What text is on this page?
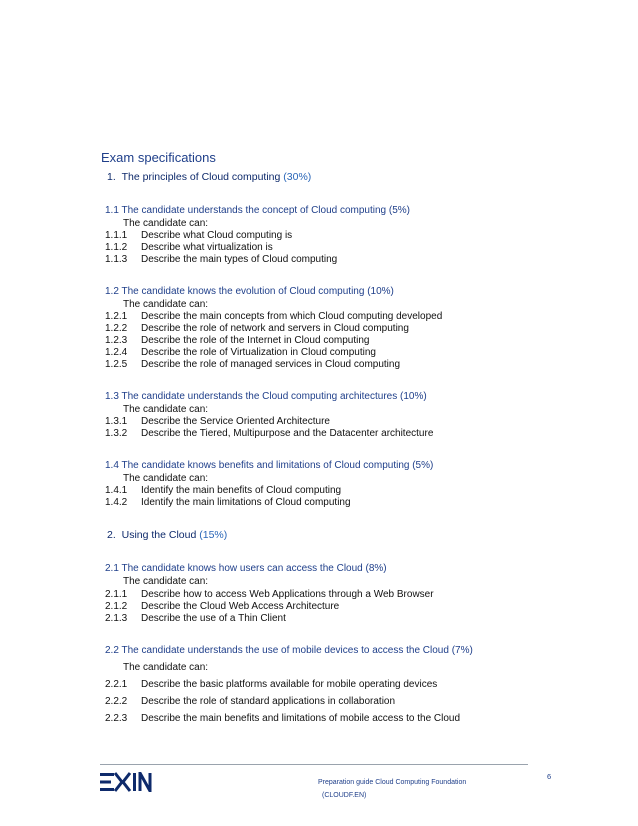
Exam specifications
1. The principles of Cloud computing (30%)
1.1 The candidate understands the concept of Cloud computing (5%)
The candidate can:
1.1.1 Describe what Cloud computing is
1.1.2 Describe what virtualization is
1.1.3 Describe the main types of Cloud computing
1.2 The candidate knows the evolution of Cloud computing (10%)
The candidate can:
1.2.1 Describe the main concepts from which Cloud computing developed
1.2.2 Describe the role of network and servers in Cloud computing
1.2.3 Describe the role of the Internet in Cloud computing
1.2.4 Describe the role of Virtualization in Cloud computing
1.2.5 Describe the role of managed services in Cloud computing
1.3 The candidate understands the Cloud computing architectures (10%)
The candidate can:
1.3.1 Describe the Service Oriented Architecture
1.3.2 Describe the Tiered, Multipurpose and the Datacenter architecture
1.4 The candidate knows benefits and limitations of Cloud computing (5%)
The candidate can:
1.4.1 Identify the main benefits of Cloud computing
1.4.2 Identify the main limitations of Cloud computing
2. Using the Cloud (15%)
2.1 The candidate knows how users can access the Cloud (8%)
The candidate can:
2.1.1 Describe how to access Web Applications through a Web Browser
2.1.2 Describe the Cloud Web Access Architecture
2.1.3 Describe the use of a Thin Client
2.2 The candidate understands the use of mobile devices to access the Cloud (7%)
The candidate can:
2.2.1 Describe the basic platforms available for mobile operating devices
2.2.2 Describe the role of standard applications in collaboration
2.2.3 Describe the main benefits and limitations of mobile access to the Cloud
Preparation guide Cloud Computing Foundation
(CLOUDF.EN)
6
